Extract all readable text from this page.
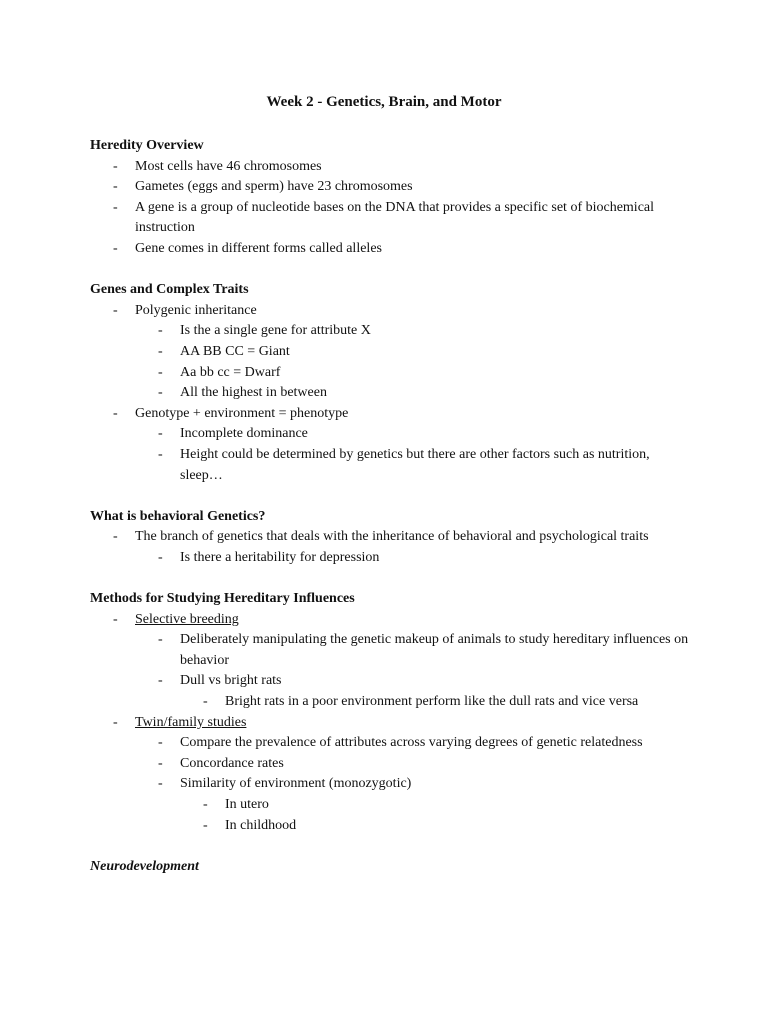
Week 2 - Genetics, Brain, and Motor

Heredity Overview

- Most cells have 46 chromosomes
- Gametes (eggs and sperm) have 23 chromosomes
- A gene is a group of nucleotide bases on the DNA that provides a specific set of biochemical instruction
- Gene comes in different forms called alleles

Genes and Complex Traits

- Polygenic inheritance
- Is the a single gene for attribute X
- AA BB CC = Giant
- Aa bb cc = Dwarf
- All the highest in between
- Genotype + environment = phenotype
- Incomplete dominance
- Height could be determined by genetics but there are other factors such as nutrition, sleep…

What is behavioral Genetics?

- The branch of genetics that deals with the inheritance of behavioral and psychological traits
- Is there a heritability for depression

Methods for Studying Hereditary Influences

- Selective breeding
- Deliberately manipulating the genetic makeup of animals to study hereditary influences on behavior
- Dull vs bright rats
- Bright rats in a poor environment perform like the dull rats and vice versa
- Twin/family studies
- Compare the prevalence of attributes across varying degrees of genetic relatedness
- Concordance rates
- Similarity of environment (monozygotic)
- In utero
- In childhood

Neurodevelopment
